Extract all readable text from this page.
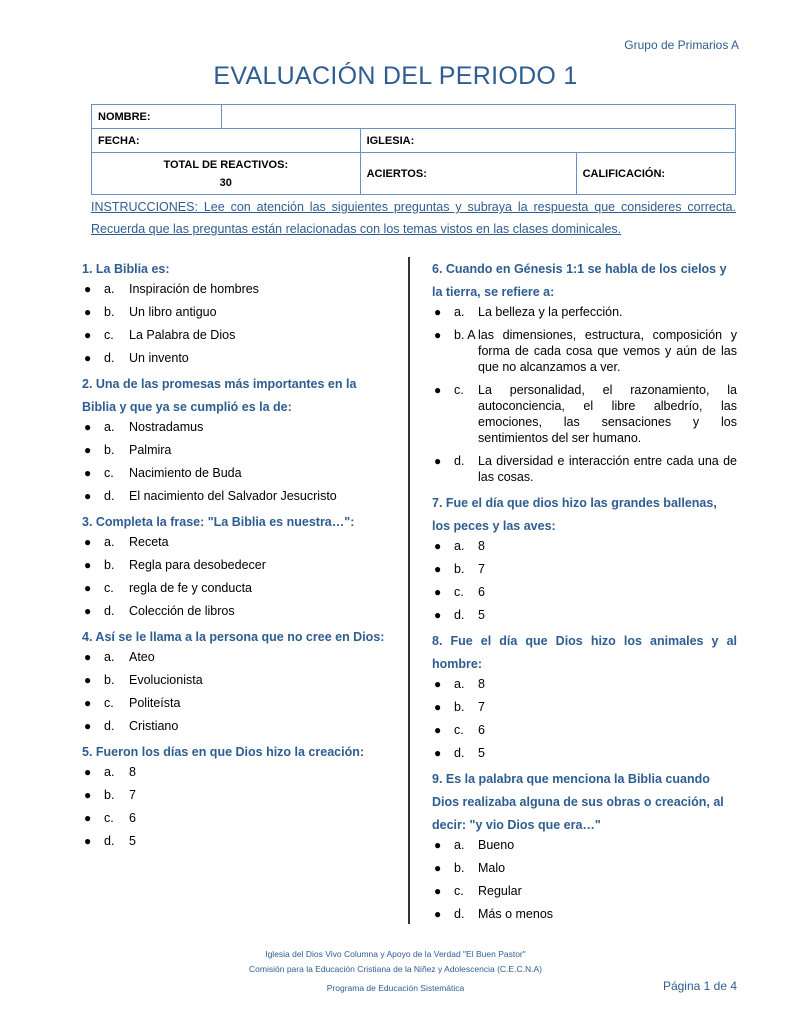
Grupo de Primarios A
EVALUACIÓN DEL PERIODO 1
NOMBRE:			
FECHA:		IGLESIA:	
TOTAL DE REACTIVOS:
30		ACIERTOS:	CALIFICACIÓN:
INSTRUCCIONES: Lee con atención las siguientes preguntas y subraya la respuesta que consideres correcta. Recuerda que las preguntas están relacionadas con los temas vistos en las clases dominicales.
1. La Biblia es:
● a. Inspiración de hombres
● b. Un libro antiguo
● c. La Palabra de Dios
● d. Un invento
2. Una de las promesas más importantes en la Biblia y que ya se cumplió es la de:
● a. Nostradamus
● b. Palmira
● c. Nacimiento de Buda
● d. El nacimiento del Salvador Jesucristo
3. Completa la frase: "La Biblia es nuestra…":
● a. Receta
● b. Regla para desobedecer
● c. regla de fe y conducta
● d. Colección de libros
4. Así se le llama a la persona que no cree en Dios:
● a. Ateo
● b. Evolucionista
● c. Politeísta
● d. Cristiano
5. Fueron los días en que Dios hizo la creación:
● a. 8
● b. 7
● c. 6
● d. 5
6. Cuando en Génesis 1:1 se habla de los cielos y la tierra, se refiere a:
● a. La belleza y la perfección.
● b. A las dimensiones, estructura, composición y forma de cada cosa que vemos y aún de las que no alcanzamos a ver.
● c. La personalidad, el razonamiento, la autoconciencia, el libre albedrío, las emociones, las sensaciones y los sentimientos del ser humano.
● d. La diversidad e interacción entre cada una de las cosas.
7. Fue el día que dios hizo las grandes ballenas, los peces y las aves:
● a. 8
● b. 7
● c. 6
● d. 5
8. Fue el día que Dios hizo los animales y al hombre:
● a. 8
● b. 7
● c. 6
● d. 5
9. Es la palabra que menciona la Biblia cuando Dios realizaba alguna de sus obras o creación, al decir: "y vio Dios que era…"
● a. Bueno
● b. Malo
● c. Regular
● d. Más o menos
Iglesia del Dios Vivo Columna y Apoyo de la Verdad "El Buen Pastor"
Comisión para la Educación Cristiana de la Niñez y Adolescencia (C.E.C.N.A)
Programa de Educación Sistemática	Página 1 de 4
